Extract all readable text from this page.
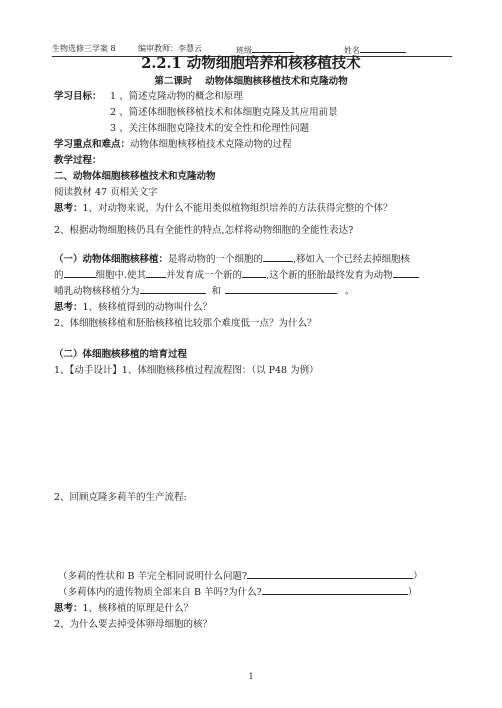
生物选修三学案 8	编审教师：李慧云	班级	姓名
2.2.1 动物细胞培养和核移植技术
第二课时　 动物体细胞核移植技术和克隆动物
学习目标： 1 、简述克隆动物的概念和原理
2 、简述体细胞核移植技术和体细胞克隆及其应用前景
3 、关注体细胞克隆技术的安全性和伦理性问题
学习重点和难点：动物体细胞核移植技术克隆动物的过程
教学过程：
二、动物体细胞核移植技术和克隆动物
阅读教材 47 页相关文字
思考：1、对动物来说，为什么不能用类似植物组织培养的方法获得完整的个体？
2、根据动物细胞核仍具有全能性的特点,怎样将动物细胞的全能性表达?
（一）动物体细胞核移植：是将动物的一个细胞的	,移如入一个已经去掉细胞核
的	细胞中.使其 并发育成一个新的	,这个新的胚胎最终发育为动物
哺乳动物核移植分为	和	。
思考：1、核移植得到的动物叫什么？
2、体细胞核移植和胚胎核移植比较那个难度低一点？为什么？
（二）体细胞核移植的培育过程
1、【动手设计】1、体细胞核移植过程流程图：（以 P48 为例）
2、回顾克隆多莉羊的生产流程:
（多莉的性状和 B 羊完全相同说明什么问题?	）
（多莉体内的遗传物质全部来自 B 羊吗?为什么?	）
思考：1、核移植的原理是什么？
2、为什么要去掉受体卵母细胞的核？
1
